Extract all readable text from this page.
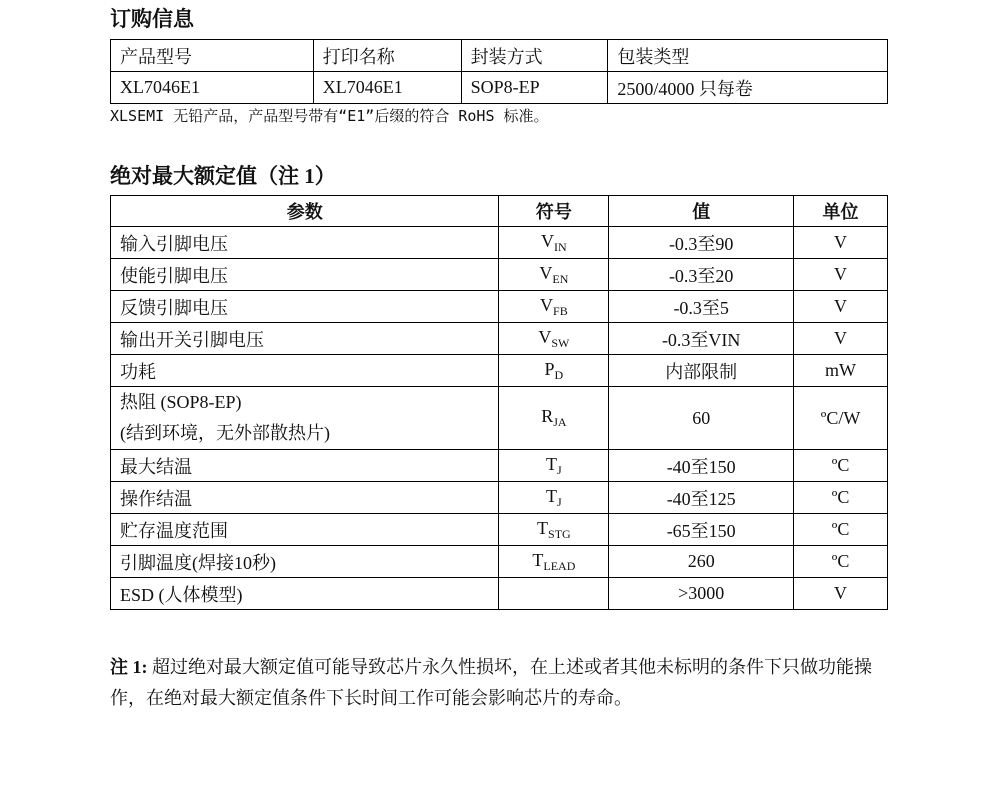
订购信息
产品型号	打印名称	封装方式	包装类型
XL7046E1	XL7046E1	SOP8-EP	2500/4000 只每卷
XLSEMI 无铅产品，产品型号带有“E1”后缀的符合 RoHS 标准。
绝对最大额定值（注 1）
参数	符号	值	单位
输入引脚电压	$V_{IN}$	-0.3至90	V
使能引脚电压	$V_{EN}$	-0.3至20	V
反馈引脚电压	$V_{FB}$	-0.3至5	V
输出开关引脚电压	$V_{SW}$	-0.3至VIN	V
功耗	$P_D$	内部限制	mW

热阻 (SOP8-EP)
(结到环境，无外部散热片)	$R_{JA}$	60	ºC/W
最大结温	$T_J$	-40至150	ºC
操作结温	$T_J$	-40至125	ºC
贮存温度范围	$T_{STG}$	-65至150	ºC
引脚温度(焊接10秒)	$T_{LEAD}$	260	ºC
ESD (人体模型)		>3000	V

注 1: 超过绝对最大额定值可能导致芯片永久性损坏，在上述或者其他未标明的条件下只做功能操作，在绝对最大额定值条件下长时间工作可能会影响芯片的寿命。
